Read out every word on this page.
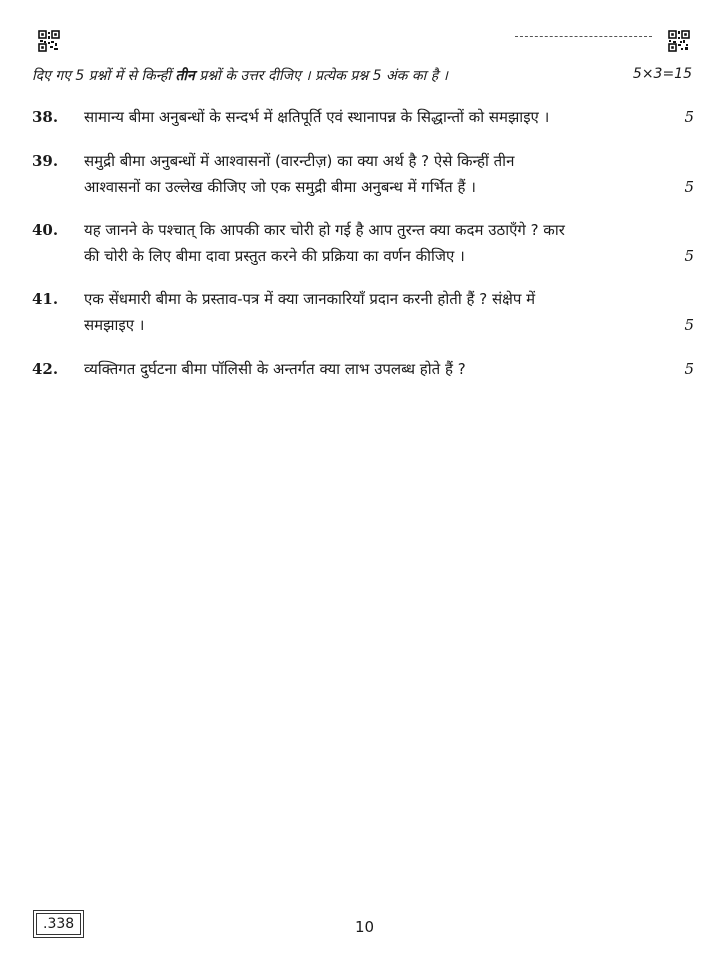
दिए गए 5 प्रश्नों में से किन्हीं तीन प्रश्नों के उत्तर दीजिए । प्रत्येक प्रश्न 5 अंक का है ।	5×3=15
38. सामान्य बीमा अनुबन्धों के सन्दर्भ में क्षतिपूर्ति एवं स्थानापन्न के सिद्धान्तों को समझाइए ।	5
39. समुद्री बीमा अनुबन्धों में आश्वासनों (वारन्टीज़) का क्या अर्थ है ? ऐसे किन्हीं तीन
आश्वासनों का उल्लेख कीजिए जो एक समुद्री बीमा अनुबन्ध में गर्भित हैं ।	5
40. यह जानने के पश्चात् कि आपकी कार चोरी हो गई है आप तुरन्त क्या कदम उठाएँगे ? कार
की चोरी के लिए बीमा दावा प्रस्तुत करने की प्रक्रिया का वर्णन कीजिए ।	5
41. एक सेंधमारी बीमा के प्रस्ताव-पत्र में क्या जानकारियाँ प्रदान करनी होती हैं ? संक्षेप में
समझाइए ।	5
42. व्यक्तिगत दुर्घटना बीमा पॉलिसी के अन्तर्गत क्या लाभ उपलब्ध होते हैं ?	5
.338	10
